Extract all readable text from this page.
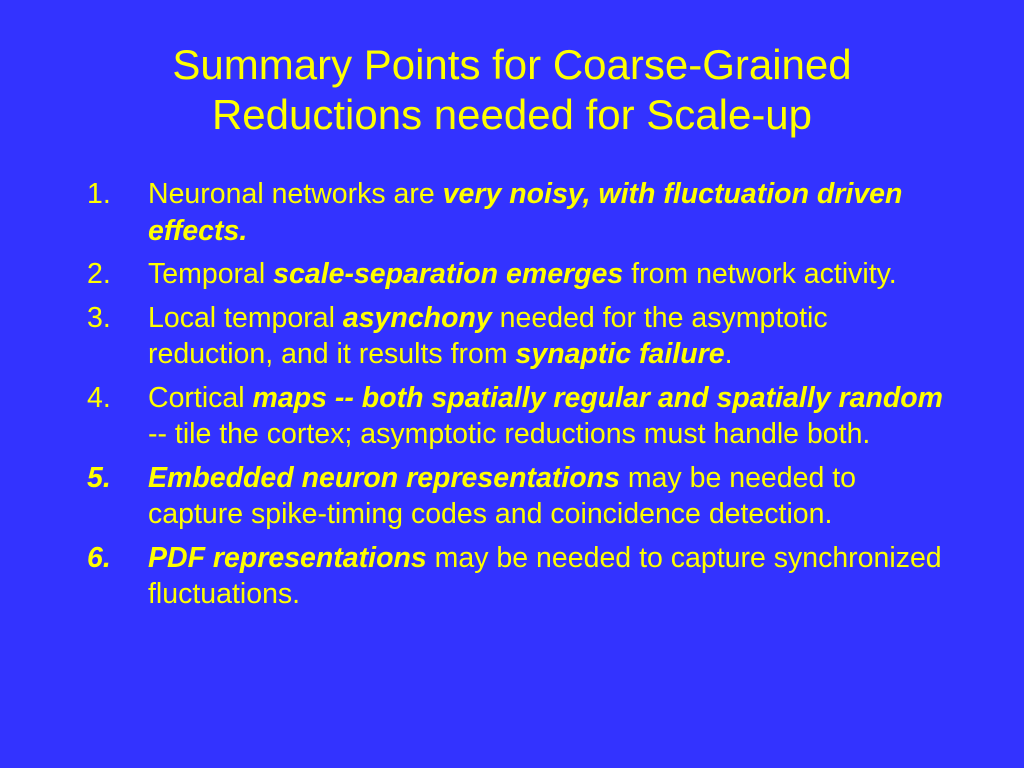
Summary Points for Coarse-Grained
Reductions needed for Scale-up
1. Neuronal networks are very noisy, with fluctuation driven effects.
2. Temporal scale-separation emerges from network activity.
3. Local temporal asynchony needed for the asymptotic reduction, and it results from synaptic failure.
4. Cortical maps -- both spatially regular and spatially random -- tile the cortex; asymptotic reductions must handle both.
5. Embedded neuron representations may be needed to capture spike-timing codes and coincidence detection.
6. PDF representations may be needed to capture synchronized fluctuations.
